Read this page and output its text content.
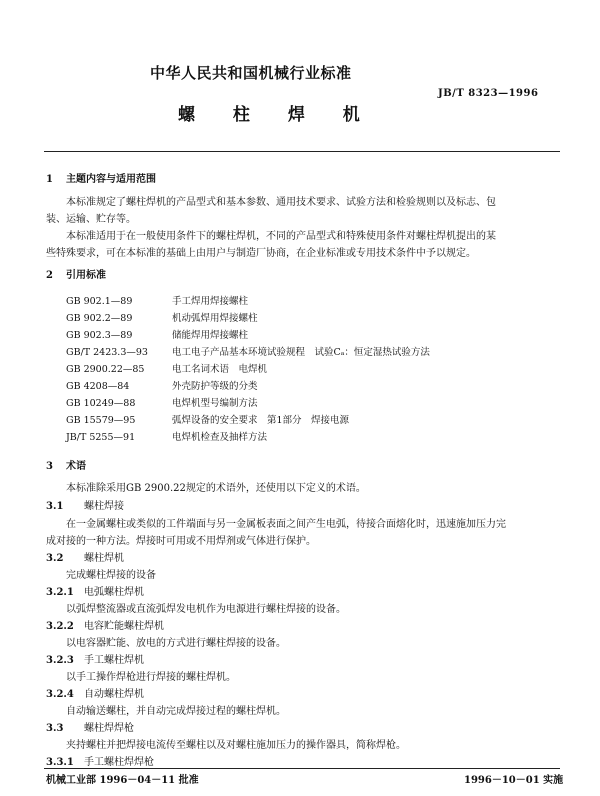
中华人民共和国机械行业标准
JB/T 8323—1996
螺 柱 焊 机
1 主题内容与适用范围
本标准规定了螺柱焊机的产品型式和基本参数、通用技术要求、试验方法和检验规则以及标志、包
装、运输、贮存等。
本标准适用于在一般使用条件下的螺柱焊机，不同的产品型式和特殊使用条件对螺柱焊机提出的某
些特殊要求，可在本标准的基础上由用户与制造厂协商，在企业标准或专用技术条件中予以规定。
2 引用标准
GB 902.1—89	手工焊用焊接螺柱
GB 902.2—89	机动弧焊用焊接螺柱
GB 902.3—89	储能焊用焊接螺柱
GB/T 2423.3—93	电工电子产品基本环境试验规程　试验Cₐ：恒定湿热试验方法
GB 2900.22—85	电工名词术语　电焊机
GB 4208—84	外壳防护等级的分类
GB 10249—88	电焊机型号编制方法
GB 15579—95	弧焊设备的安全要求　第1部分　焊接电源
JB/T 5255—91	电焊机检查及抽样方法
3 术语
本标准除采用GB 2900.22规定的术语外，还使用以下定义的术语。
3.1 螺柱焊接
在一金属螺柱或类似的工件端面与另一金属板表面之间产生电弧，待接合面熔化时，迅速施加压力完
成对接的一种方法。焊接时可用或不用焊剂或气体进行保护。
3.2 螺柱焊机
完成螺柱焊接的设备
3.2.1 电弧螺柱焊机
以弧焊整流器或直流弧焊发电机作为电源进行螺柱焊接的设备。
3.2.2 电容贮能螺柱焊机
以电容器贮能、放电的方式进行螺柱焊接的设备。
3.2.3 手工螺柱焊机
以手工操作焊枪进行焊接的螺柱焊机。
3.2.4 自动螺柱焊机
自动输送螺柱，并自动完成焊接过程的螺柱焊机。
3.3 螺柱焊焊枪
夹持螺柱并把焊接电流传至螺柱以及对螺柱施加压力的操作器具，简称焊枪。
3.3.1 手工螺柱焊焊枪
机械工业部 1996－04－11 批准	1996－10－01 实施
